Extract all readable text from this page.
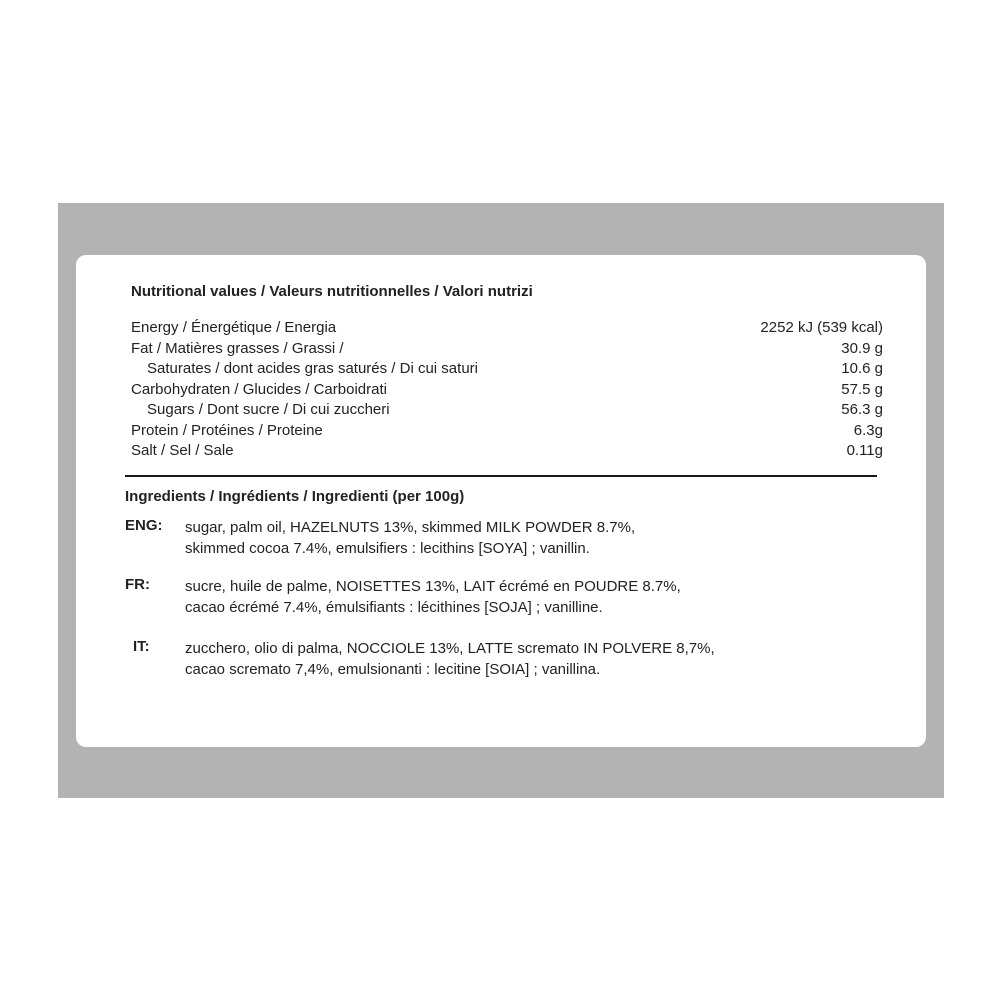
Nutritional values / Valeurs nutritionnelles / Valori nutrizi
Energy / Énergétique / Energia	2252 kJ (539 kcal)
Fat / Matières grasses / Grassi /	30.9 g
Saturates / dont acides gras saturés / Di cui saturi	10.6 g
Carbohydraten / Glucides / Carboidrati	57.5 g
Sugars / Dont sucre / Di cui zuccheri	56.3 g
Protein / Protéines / Proteine	6.3g
Salt / Sel / Sale	0.11g
Ingredients / Ingrédients / Ingredienti (per 100g)
ENG: sugar, palm oil, HAZELNUTS 13%, skimmed MILK POWDER 8.7%,
skimmed cocoa 7.4%, emulsifiers : lecithins [SOYA] ; vanillin.
FR: sucre, huile de palme, NOISETTES 13%, LAIT écrémé en POUDRE 8.7%,
cacao écrémé 7.4%, émulsifiants : lécithines [SOJA] ; vanilline.
IT: zucchero, olio di palma, NOCCIOLE 13%, LATTE scremato IN POLVERE 8,7%,
cacao scremato 7,4%, emulsionanti : lecitine [SOIA] ; vanillina.
